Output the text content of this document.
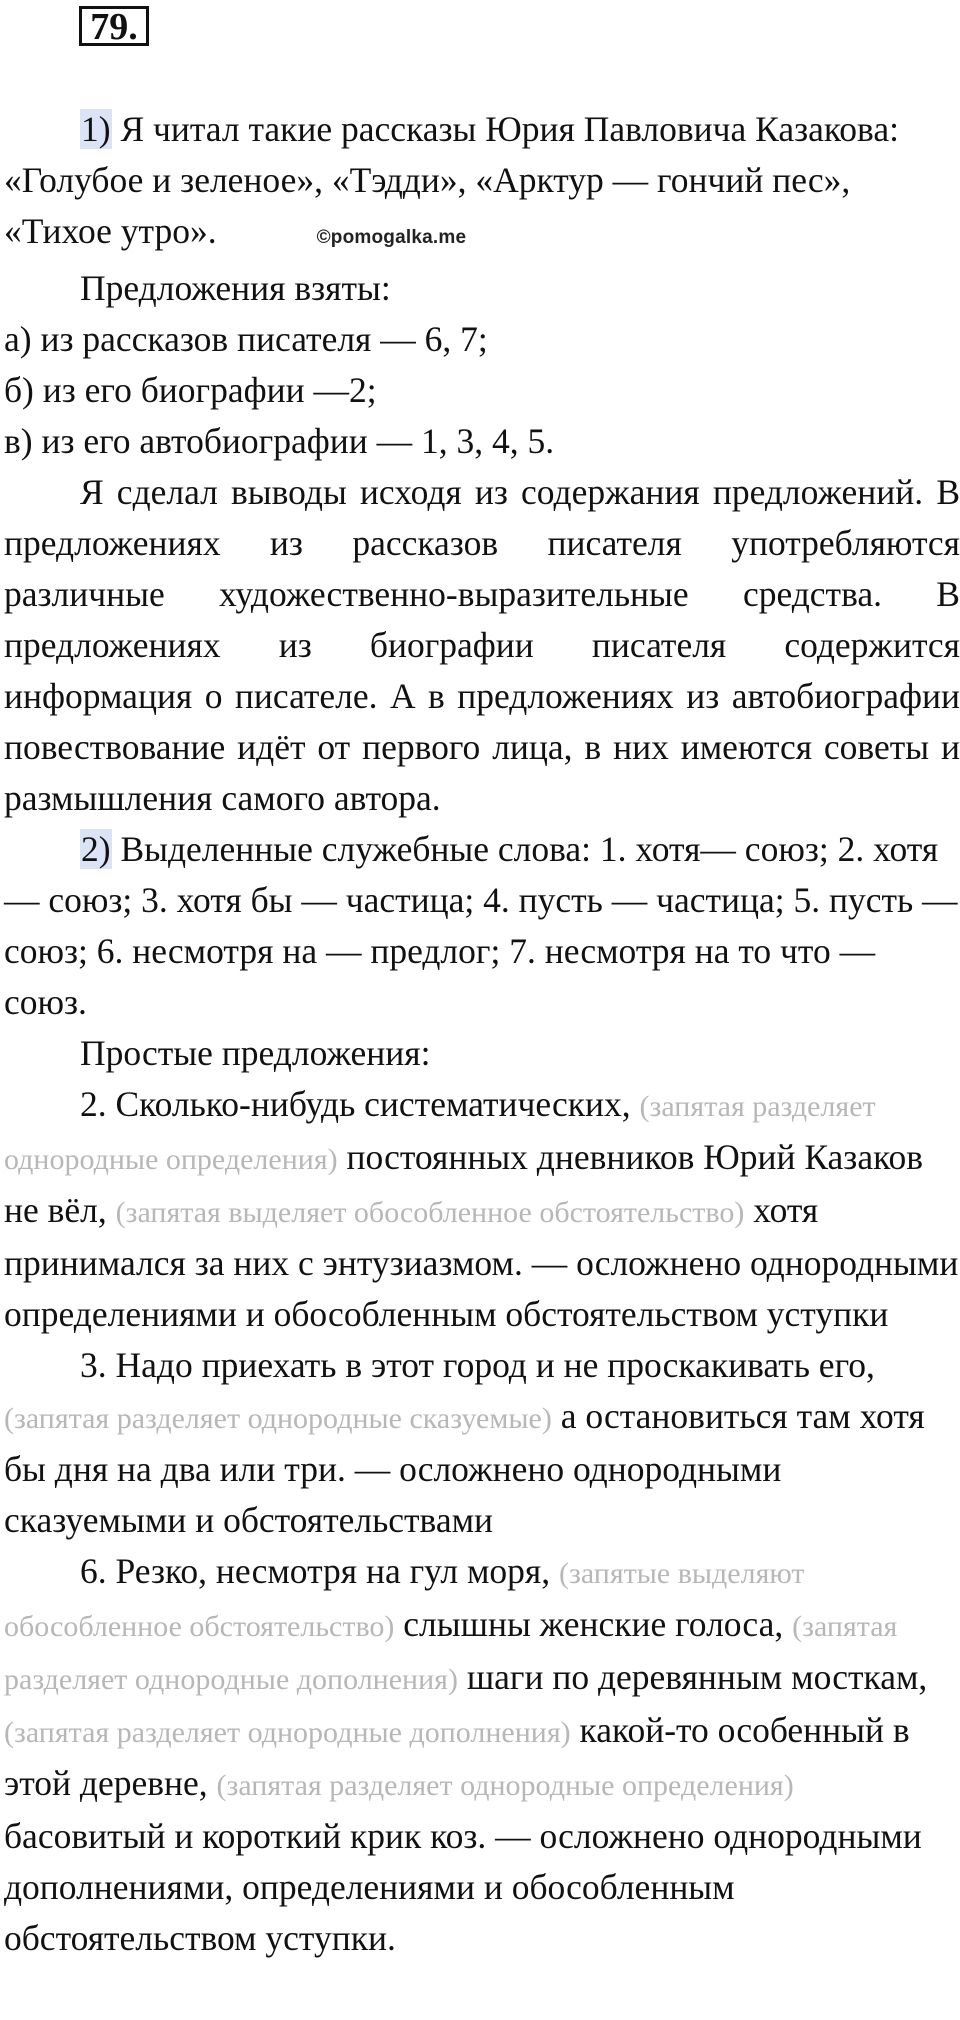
79.

1) Я читал такие рассказы Юрия Павловича Казакова: «Голубое и зеленое», «Тэдди», «Арктур — гончий пес», «Тихое утро».	©pomogalka.me

Предложения взяты:

а) из рассказов писателя — 6, 7;

б) из его биографии —2;

в) из его автобиографии — 1, 3, 4, 5.

Я сделал выводы исходя из содержания предложений. В предложениях из рассказов писателя употребляются различные художественно-выразительные средства. В предложениях из биографии писателя содержится информация о писателе. А в предложениях из автобиографии повествование идёт от первого лица, в них имеются советы и размышления самого автора.

2) Выделенные служебные слова: 1. хотя— союз; 2. хотя — союз; 3. хотя бы — частица; 4. пусть — частица; 5. пусть — союз; 6. несмотря на — предлог; 7. несмотря на то что — союз.

Простые предложения:

2. Сколько-нибудь систематических, (запятая разделяет однородные определения) постоянных дневников Юрий Казаков не вёл, (запятая выделяет обособленное обстоятельство) хотя принимался за них с энтузиазмом. — осложнено однородными определениями и обособленным обстоятельством уступки

3. Надо приехать в этот город и не проскакивать его, (запятая разделяет однородные сказуемые) а остановиться там хотя бы дня на два или три. — осложнено однородными сказуемыми и обстоятельствами

6. Резко, несмотря на гул моря, (запятые выделяют обособленное обстоятельство) слышны женские голоса, (запятая разделяет однородные дополнения) шаги по деревянным мосткам, (запятая разделяет однородные дополнения) какой-то особенный в этой деревне, (запятая разделяет однородные определения) басовитый и короткий крик коз. — осложнено однородными дополнениями, определениями и обособленным обстоятельством уступки.
